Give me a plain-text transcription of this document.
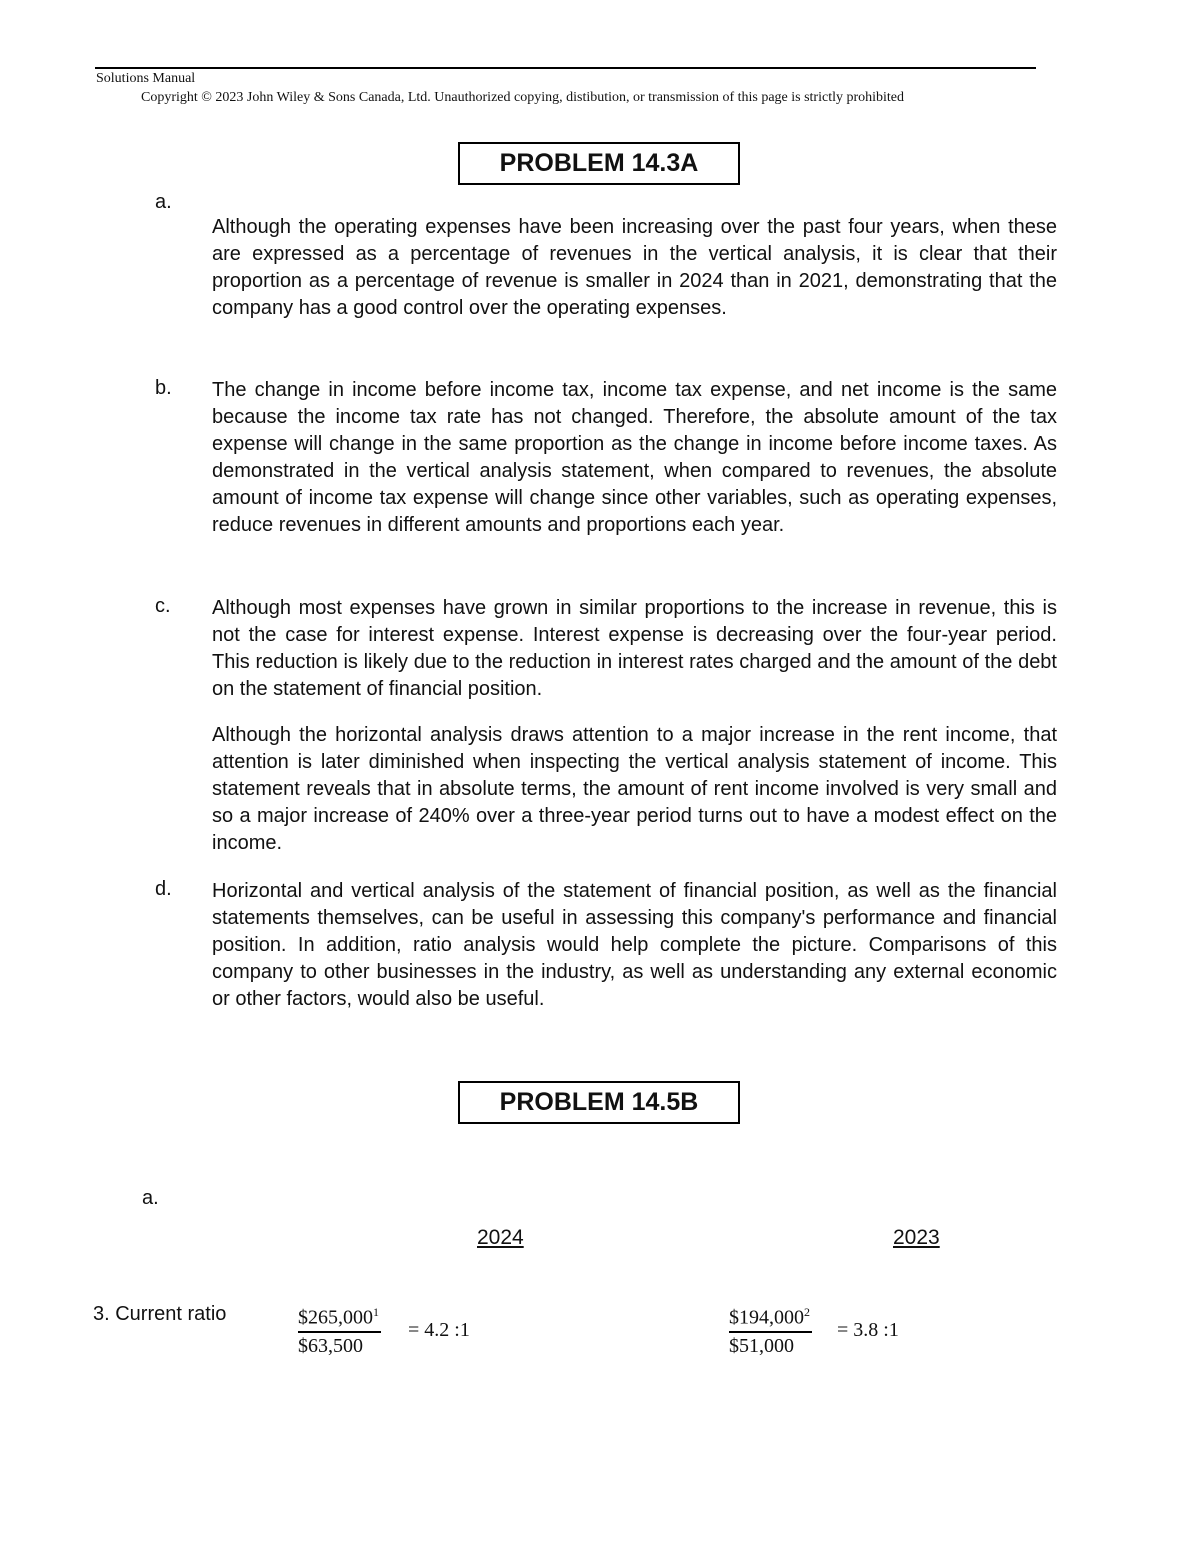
Solutions Manual
Copyright © 2023 John Wiley & Sons Canada, Ltd. Unauthorized copying, distibution, or transmission of this page is strictly prohibited
PROBLEM 14.3A
a.
Although the operating expenses have been increasing over the past four years, when these are expressed as a percentage of revenues in the vertical analysis, it is clear that their proportion as a percentage of revenue is smaller in 2024 than in 2021, demonstrating that the company has a good control over the operating expenses.
b. The change in income before income tax, income tax expense, and net income is the same because the income tax rate has not changed. Therefore, the absolute amount of the tax expense will change in the same proportion as the change in income before income taxes. As demonstrated in the vertical analysis statement, when compared to revenues, the absolute amount of income tax expense will change since other variables, such as operating expenses, reduce revenues in different amounts and proportions each year.
c. Although most expenses have grown in similar proportions to the increase in revenue, this is not the case for interest expense. Interest expense is decreasing over the four-year period. This reduction is likely due to the reduction in interest rates charged and the amount of the debt on the statement of financial position.
Although the horizontal analysis draws attention to a major increase in the rent income, that attention is later diminished when inspecting the vertical analysis statement of income. This statement reveals that in absolute terms, the amount of rent income involved is very small and so a major increase of 240% over a three-year period turns out to have a modest effect on the income.
d. Horizontal and vertical analysis of the statement of financial position, as well as the financial statements themselves, can be useful in assessing this company's performance and financial position. In addition, ratio analysis would help complete the picture. Comparisons of this company to other businesses in the industry, as well as understanding any external economic or other factors, would also be useful.
PROBLEM 14.5B
a.
2024	2023
3. Current ratio	$\frac{\$265,000^1}{\$63,500} = 4.2$ :1	$\frac{\$194,000^2}{\$51,000} = 3.8$ :1
